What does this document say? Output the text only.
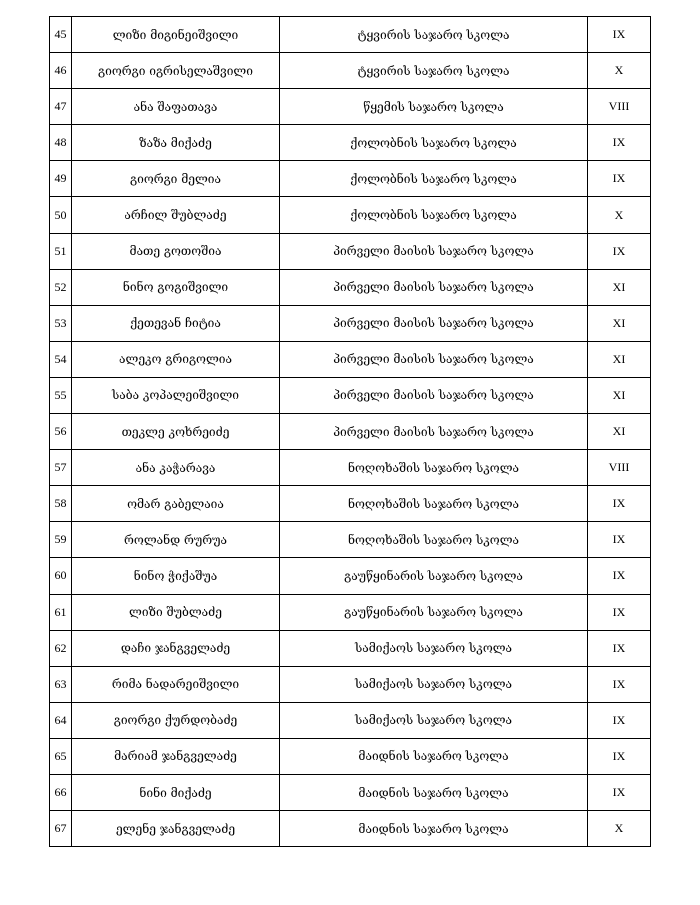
45	ლიზი მიგინეიშვილი	ტყვირის საჯარო სკოლა	IX
46	გიორგი იგრისელაშვილი	ტყვირის საჯარო სკოლა	X
47	ანა შაფათავა	წყემის საჯარო სკოლა	VIII
48	ზაზა მიქაძე	ქოლობნის საჯარო სკოლა	IX
49	გიორგი მელია	ქოლობნის საჯარო სკოლა	IX
50	არჩილ შუბლაძე	ქოლობნის საჯარო სკოლა	X
51	მათე გოთოშია	პირველი მაისის საჯარო სკოლა	IX
52	ნინო გოგიშვილი	პირველი მაისის საჯარო სკოლა	XI
53	ქეთევან ჩიტია	პირველი მაისის საჯარო სკოლა	XI
54	ალეკო გრიგოლია	პირველი მაისის საჯარო სკოლა	XI
55	საბა კოპალეიშვილი	პირველი მაისის საჯარო სკოლა	XI
56	თეკლე კოხრეიძე	პირველი მაისის საჯარო სკოლა	XI
57	ანა კაჭარავა	ნოღოხაშის საჯარო სკოლა	VIII
58	ომარ გაბელაია	ნოღოხაშის საჯარო სკოლა	IX
59	როლანდ რურუა	ნოღოხაშის საჯარო სკოლა	IX
60	ნინო ჭიქაშუა	გაუწყინარის საჯარო სკოლა	IX
61	ლიზი შუბლაძე	გაუწყინარის საჯარო სკოლა	IX
62	დაჩი ჯანგველაძე	სამიქაოს საჯარო სკოლა	IX
63	რიმა ნადარეიშვილი	სამიქაოს საჯარო სკოლა	IX
64	გიორგი ქურდობაძე	სამიქაოს საჯარო სკოლა	IX
65	მარიამ ჯანგველაძე	მაიდნის საჯარო სკოლა	IX
66	ნინი მიქაძე	მაიდნის საჯარო სკოლა	IX
67	ელენე ჯანგველაძე	მაიდნის საჯარო სკოლა	X
